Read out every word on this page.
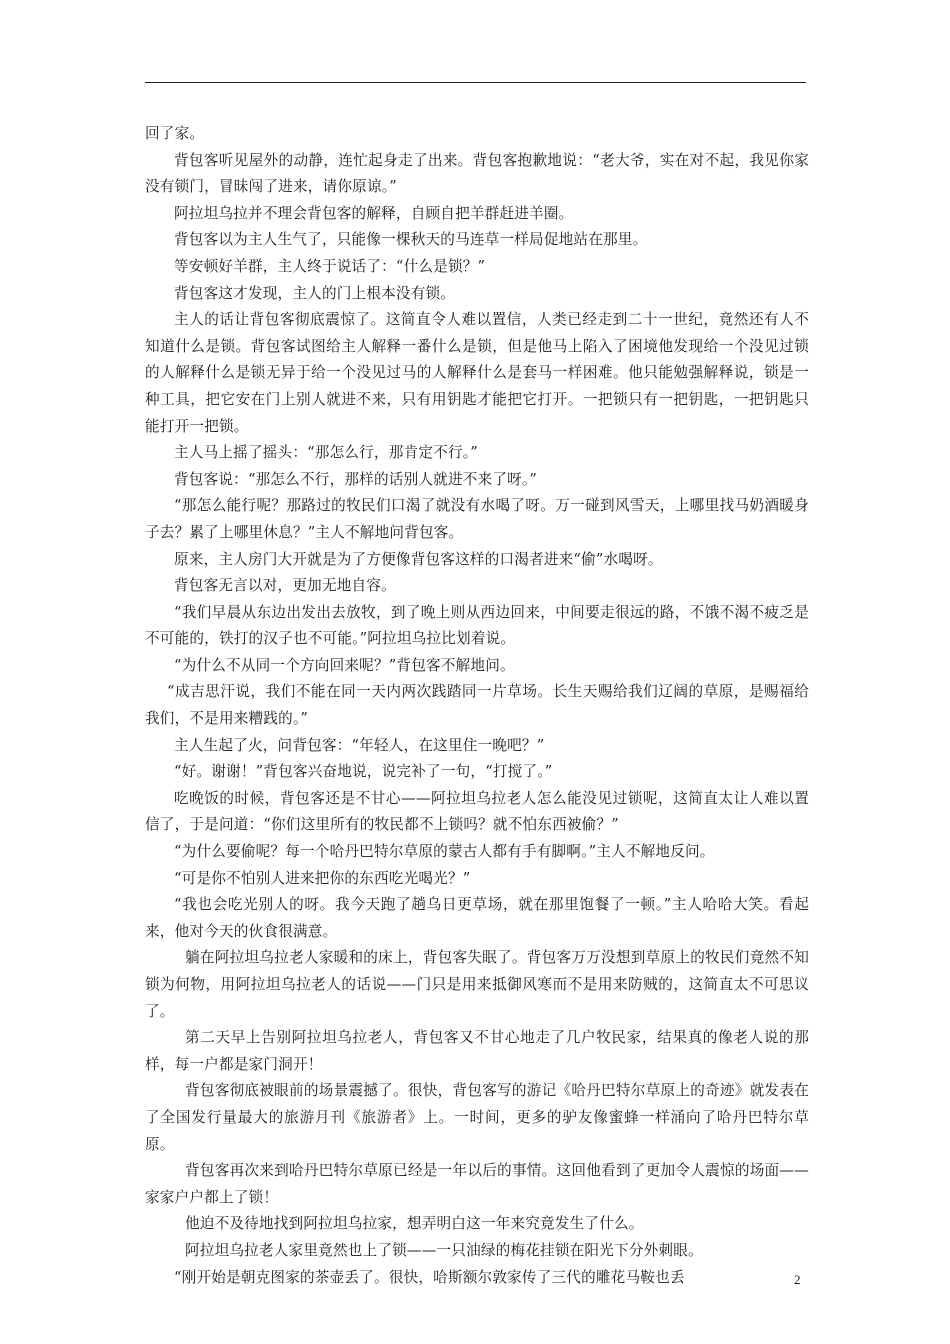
回了家。

背包客听见屋外的动静，连忙起身走了出来。背包客抱歉地说：“老大爷，实在对不起，我见你家没有锁门，冒昧闯了进来，请你原谅。”

阿拉坦乌拉并不理会背包客的解释，自顾自把羊群赶进羊圈。

背包客以为主人生气了，只能像一棵秋天的马连草一样局促地站在那里。

等安顿好羊群，主人终于说话了：“什么是锁？”

背包客这才发现，主人的门上根本没有锁。

主人的话让背包客彻底震惊了。这简直令人难以置信，人类已经走到二十一世纪，竟然还有人不知道什么是锁。背包客试图给主人解释一番什么是锁，但是他马上陷入了困境他发现给一个没见过锁的人解释什么是锁无异于给一个没见过马的人解释什么是套马一样困难。他只能勉强解释说，锁是一种工具，把它安在门上别人就进不来，只有用钥匙才能把它打开。一把锁只有一把钥匙，一把钥匙只能打开一把锁。

主人马上摇了摇头：“那怎么行，那肯定不行。”

背包客说：“那怎么不行，那样的话别人就进不来了呀。”

“那怎么能行呢？那路过的牧民们口渴了就没有水喝了呀。万一碰到风雪天，上哪里找马奶酒暖身子去？累了上哪里休息？”主人不解地问背包客。

原来，主人房门大开就是为了方便像背包客这样的口渴者进来“偷”水喝呀。

背包客无言以对，更加无地自容。

“我们早晨从东边出发出去放牧，到了晚上则从西边回来，中间要走很远的路，不饿不渴不疲乏是不可能的，铁打的汉子也不可能。”阿拉坦乌拉比划着说。

“为什么不从同一个方向回来呢？”背包客不解地问。

“成吉思汗说，我们不能在同一天内两次践踏同一片草场。长生天赐给我们辽阔的草原，是赐福给我们，不是用来糟践的。”

主人生起了火，问背包客：“年轻人，在这里住一晚吧？”

“好。谢谢！”背包客兴奋地说，说完补了一句，“打搅了。”

吃晚饭的时候，背包客还是不甘心——阿拉坦乌拉老人怎么能没见过锁呢，这简直太让人难以置信了，于是问道：“你们这里所有的牧民都不上锁吗？就不怕东西被偷？”

“为什么要偷呢？每一个哈丹巴特尔草原的蒙古人都有手有脚啊。”主人不解地反问。

“可是你不怕别人进来把你的东西吃光喝光？”

“我也会吃光别人的呀。我今天跑了趟乌日更草场，就在那里饱餐了一顿。”主人哈哈大笑。看起来，他对今天的伙食很满意。

躺在阿拉坦乌拉老人家暖和的床上，背包客失眠了。背包客万万没想到草原上的牧民们竟然不知锁为何物，用阿拉坦乌拉老人的话说——门只是用来抵御风寒而不是用来防贼的，这简直太不可思议了。

第二天早上告别阿拉坦乌拉老人，背包客又不甘心地走了几户牧民家，结果真的像老人说的那样，每一户都是家门洞开！

背包客彻底被眼前的场景震撼了。很快，背包客写的游记《哈丹巴特尔草原上的奇迹》就发表在了全国发行量最大的旅游月刊《旅游者》上。一时间，更多的驴友像蜜蜂一样涌向了哈丹巴特尔草原。

背包客再次来到哈丹巴特尔草原已经是一年以后的事情。这回他看到了更加令人震惊的场面——家家户户都上了锁！

他迫不及待地找到阿拉坦乌拉家，想弄明白这一年来究竟发生了什么。

阿拉坦乌拉老人家里竟然也上了锁——一只油绿的梅花挂锁在阳光下分外刺眼。

“刚开始是朝克图家的茶壶丢了。很快，哈斯额尔敦家传了三代的雕花马鞍也丢	2
